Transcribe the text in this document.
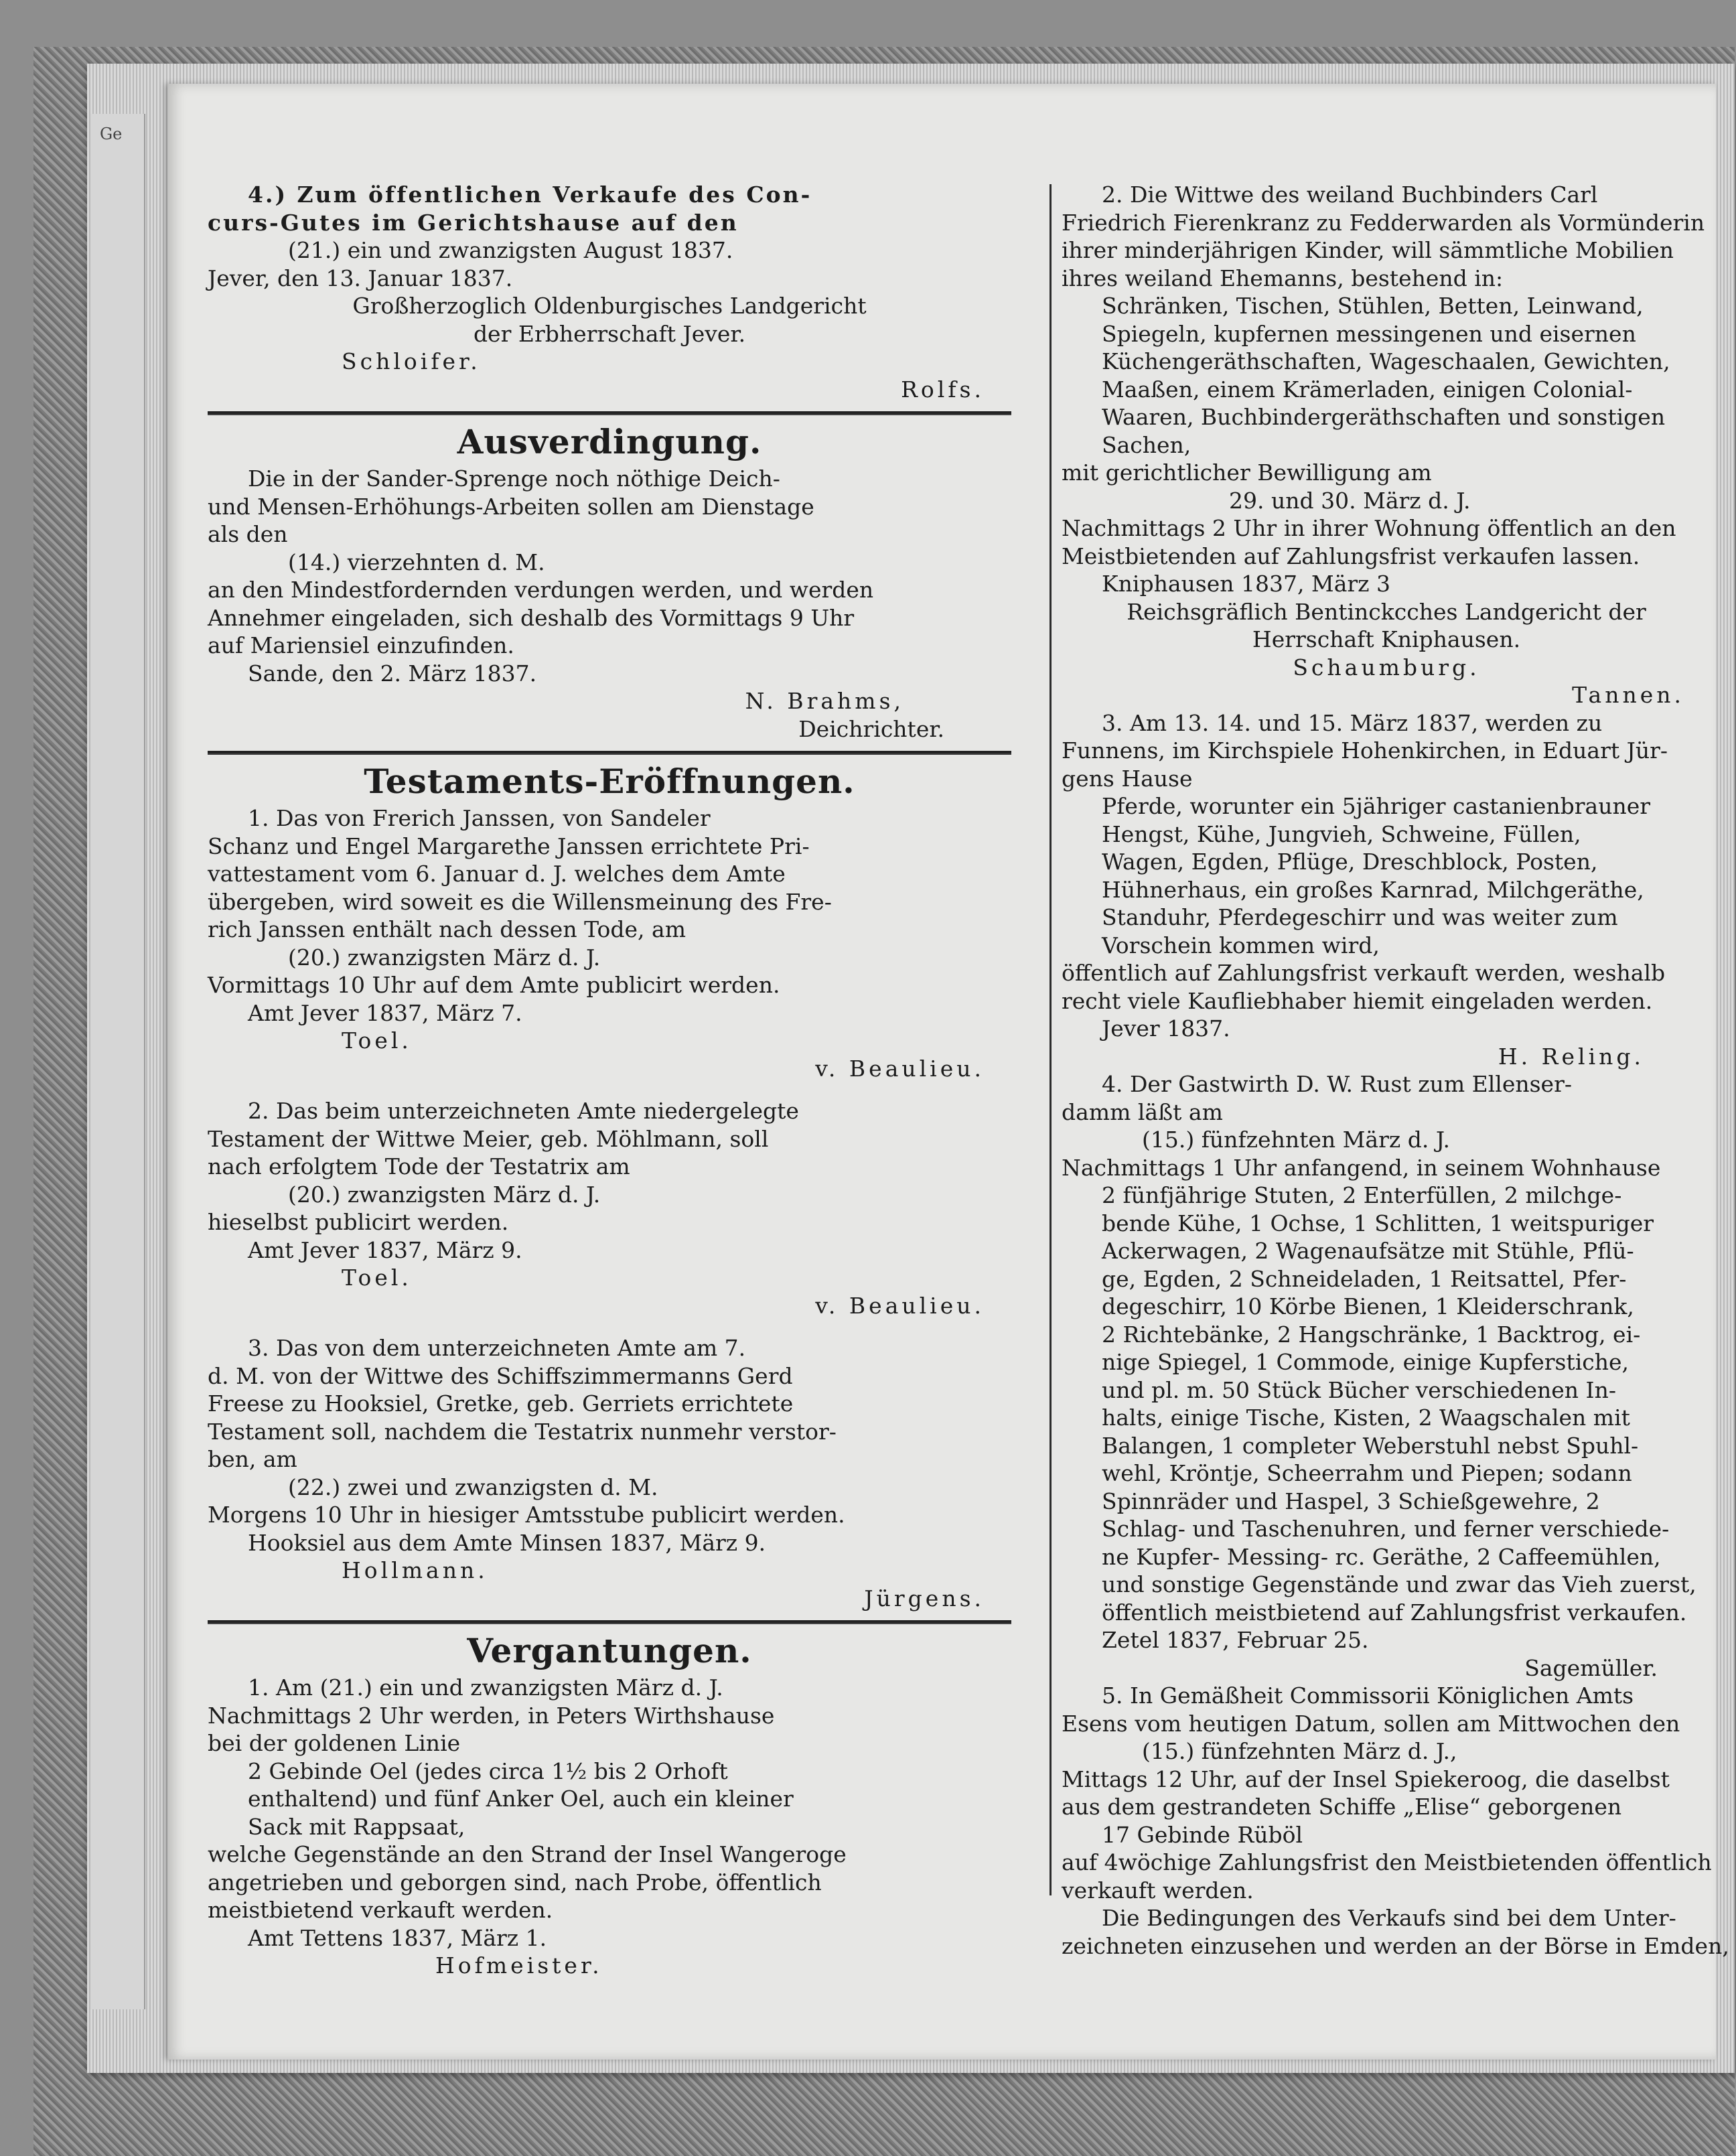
Ge
4.) Zum öffentlichen Verkaufe des Con-
curs-Gutes im Gerichtshause auf den
(21.) ein und zwanzigsten August 1837.
Jever, den 13. Januar 1837.
Großherzoglich Oldenburgisches Landgericht
der Erbherrschaft Jever.
Schloifer.
Rolfs.
Ausverdingung.
Die in der Sander-Sprenge noch nöthige Deich-
und Mensen-Erhöhungs-Arbeiten sollen am Dienstage
als den
(14.) vierzehnten d. M.
an den Mindestfordernden verdungen werden, und werden
Annehmer eingeladen, sich deshalb des Vormittags 9 Uhr
auf Mariensiel einzufinden.
Sande, den 2. März 1837.
N. Brahms,
Deichrichter.
Testaments-Eröffnungen.
1. Das von Frerich Janssen, von Sandeler
Schanz und Engel Margarethe Janssen errichtete Pri-
vattestament vom 6. Januar d. J. welches dem Amte
übergeben, wird soweit es die Willensmeinung des Fre-
rich Janssen enthält nach dessen Tode, am
(20.) zwanzigsten März d. J.
Vormittags 10 Uhr auf dem Amte publicirt werden.
Amt Jever 1837, März 7.
Toel.
v. Beaulieu.
2. Das beim unterzeichneten Amte niedergelegte
Testament der Wittwe Meier, geb. Möhlmann, soll
nach erfolgtem Tode der Testatrix am
(20.) zwanzigsten März d. J.
hieselbst publicirt werden.
Amt Jever 1837, März 9.
Toel.
v. Beaulieu.
3. Das von dem unterzeichneten Amte am 7.
d. M. von der Wittwe des Schiffszimmermanns Gerd
Freese zu Hooksiel, Gretke, geb. Gerriets errichtete
Testament soll, nachdem die Testatrix nunmehr verstor-
ben, am
(22.) zwei und zwanzigsten d. M.
Morgens 10 Uhr in hiesiger Amtsstube publicirt werden.
Hooksiel aus dem Amte Minsen 1837, März 9.
Hollmann.
Jürgens.
Vergantungen.
1. Am (21.) ein und zwanzigsten März d. J.
Nachmittags 2 Uhr werden, in Peters Wirthshause
bei der goldenen Linie
2 Gebinde Oel (jedes circa 1½ bis 2 Orhoft
enthaltend) und fünf Anker Oel, auch ein kleiner
Sack mit Rappsaat,
welche Gegenstände an den Strand der Insel Wangeroge
angetrieben und geborgen sind, nach Probe, öffentlich
meistbietend verkauft werden.
Amt Tettens 1837, März 1.
Hofmeister.
2. Die Wittwe des weiland Buchbinders Carl
Friedrich Fierenkranz zu Fedderwarden als Vormünderin
ihrer minderjährigen Kinder, will sämmtliche Mobilien
ihres weiland Ehemanns, bestehend in:
Schränken, Tischen, Stühlen, Betten, Leinwand,
Spiegeln, kupfernen messingenen und eisernen
Küchengeräthschaften, Wageschaalen, Gewichten,
Maaßen, einem Krämerladen, einigen Colonial-
Waaren, Buchbindergeräthschaften und sonstigen
Sachen,
mit gerichtlicher Bewilligung am
29. und 30. März d. J.
Nachmittags 2 Uhr in ihrer Wohnung öffentlich an den
Meistbietenden auf Zahlungsfrist verkaufen lassen.
Kniphausen 1837, März 3
Reichsgräflich Bentinckсches Landgericht der
Herrschaft Kniphausen.
Schaumburg.
Tannen.
3. Am 13. 14. und 15. März 1837, werden zu
Funnens, im Kirchspiele Hohenkirchen, in Eduart Jür-
gens Hause
Pferde, worunter ein 5jähriger castanienbrauner
Hengst, Kühe, Jungvieh, Schweine, Füllen,
Wagen, Egden, Pflüge, Dreschblock, Posten,
Hühnerhaus, ein großes Karnrad, Milchgeräthe,
Standuhr, Pferdegeschirr und was weiter zum
Vorschein kommen wird,
öffentlich auf Zahlungsfrist verkauft werden, weshalb
recht viele Kaufliebhaber hiemit eingeladen werden.
Jever 1837.
H. Reling.
4. Der Gastwirth D. W. Rust zum Ellenser-
damm läßt am
(15.) fünfzehnten März d. J.
Nachmittags 1 Uhr anfangend, in seinem Wohnhause
2 fünfjährige Stuten, 2 Enterfüllen, 2 milchge-
bende Kühe, 1 Ochse, 1 Schlitten, 1 weitspuriger
Ackerwagen, 2 Wagenaufsätze mit Stühle, Pflü-
ge, Egden, 2 Schneideladen, 1 Reitsattel, Pfer-
degeschirr, 10 Körbe Bienen, 1 Kleiderschrank,
2 Richtebänke, 2 Hangschränke, 1 Backtrog, ei-
nige Spiegel, 1 Commode, einige Kupferstiche,
und pl. m. 50 Stück Bücher verschiedenen In-
halts, einige Tische, Kisten, 2 Waagschalen mit
Balangen, 1 completer Weberstuhl nebst Spuhl-
wehl, Kröntje, Scheerrahm und Piepen; sodann
Spinnräder und Haspel, 3 Schießgewehre, 2
Schlag- und Taschenuhren, und ferner verschiede-
ne Kupfer- Messing- rc. Geräthe, 2 Caffeemühlen,
und sonstige Gegenstände und zwar das Vieh zuerst,
öffentlich meistbietend auf Zahlungsfrist verkaufen.
Zetel 1837, Februar 25.
Sagemüller.
5. In Gemäßheit Commissorii Königlichen Amts
Esens vom heutigen Datum, sollen am Mittwochen den
(15.) fünfzehnten März d. J.,
Mittags 12 Uhr, auf der Insel Spiekeroog, die daselbst
aus dem gestrandeten Schiffe „Elise“ geborgenen
17 Gebinde Rüböl
auf 4wöchige Zahlungsfrist den Meistbietenden öffentlich
verkauft werden.
Die Bedingungen des Verkaufs sind bei dem Unter-
zeichneten einzusehen und werden an der Börse in Emden,
